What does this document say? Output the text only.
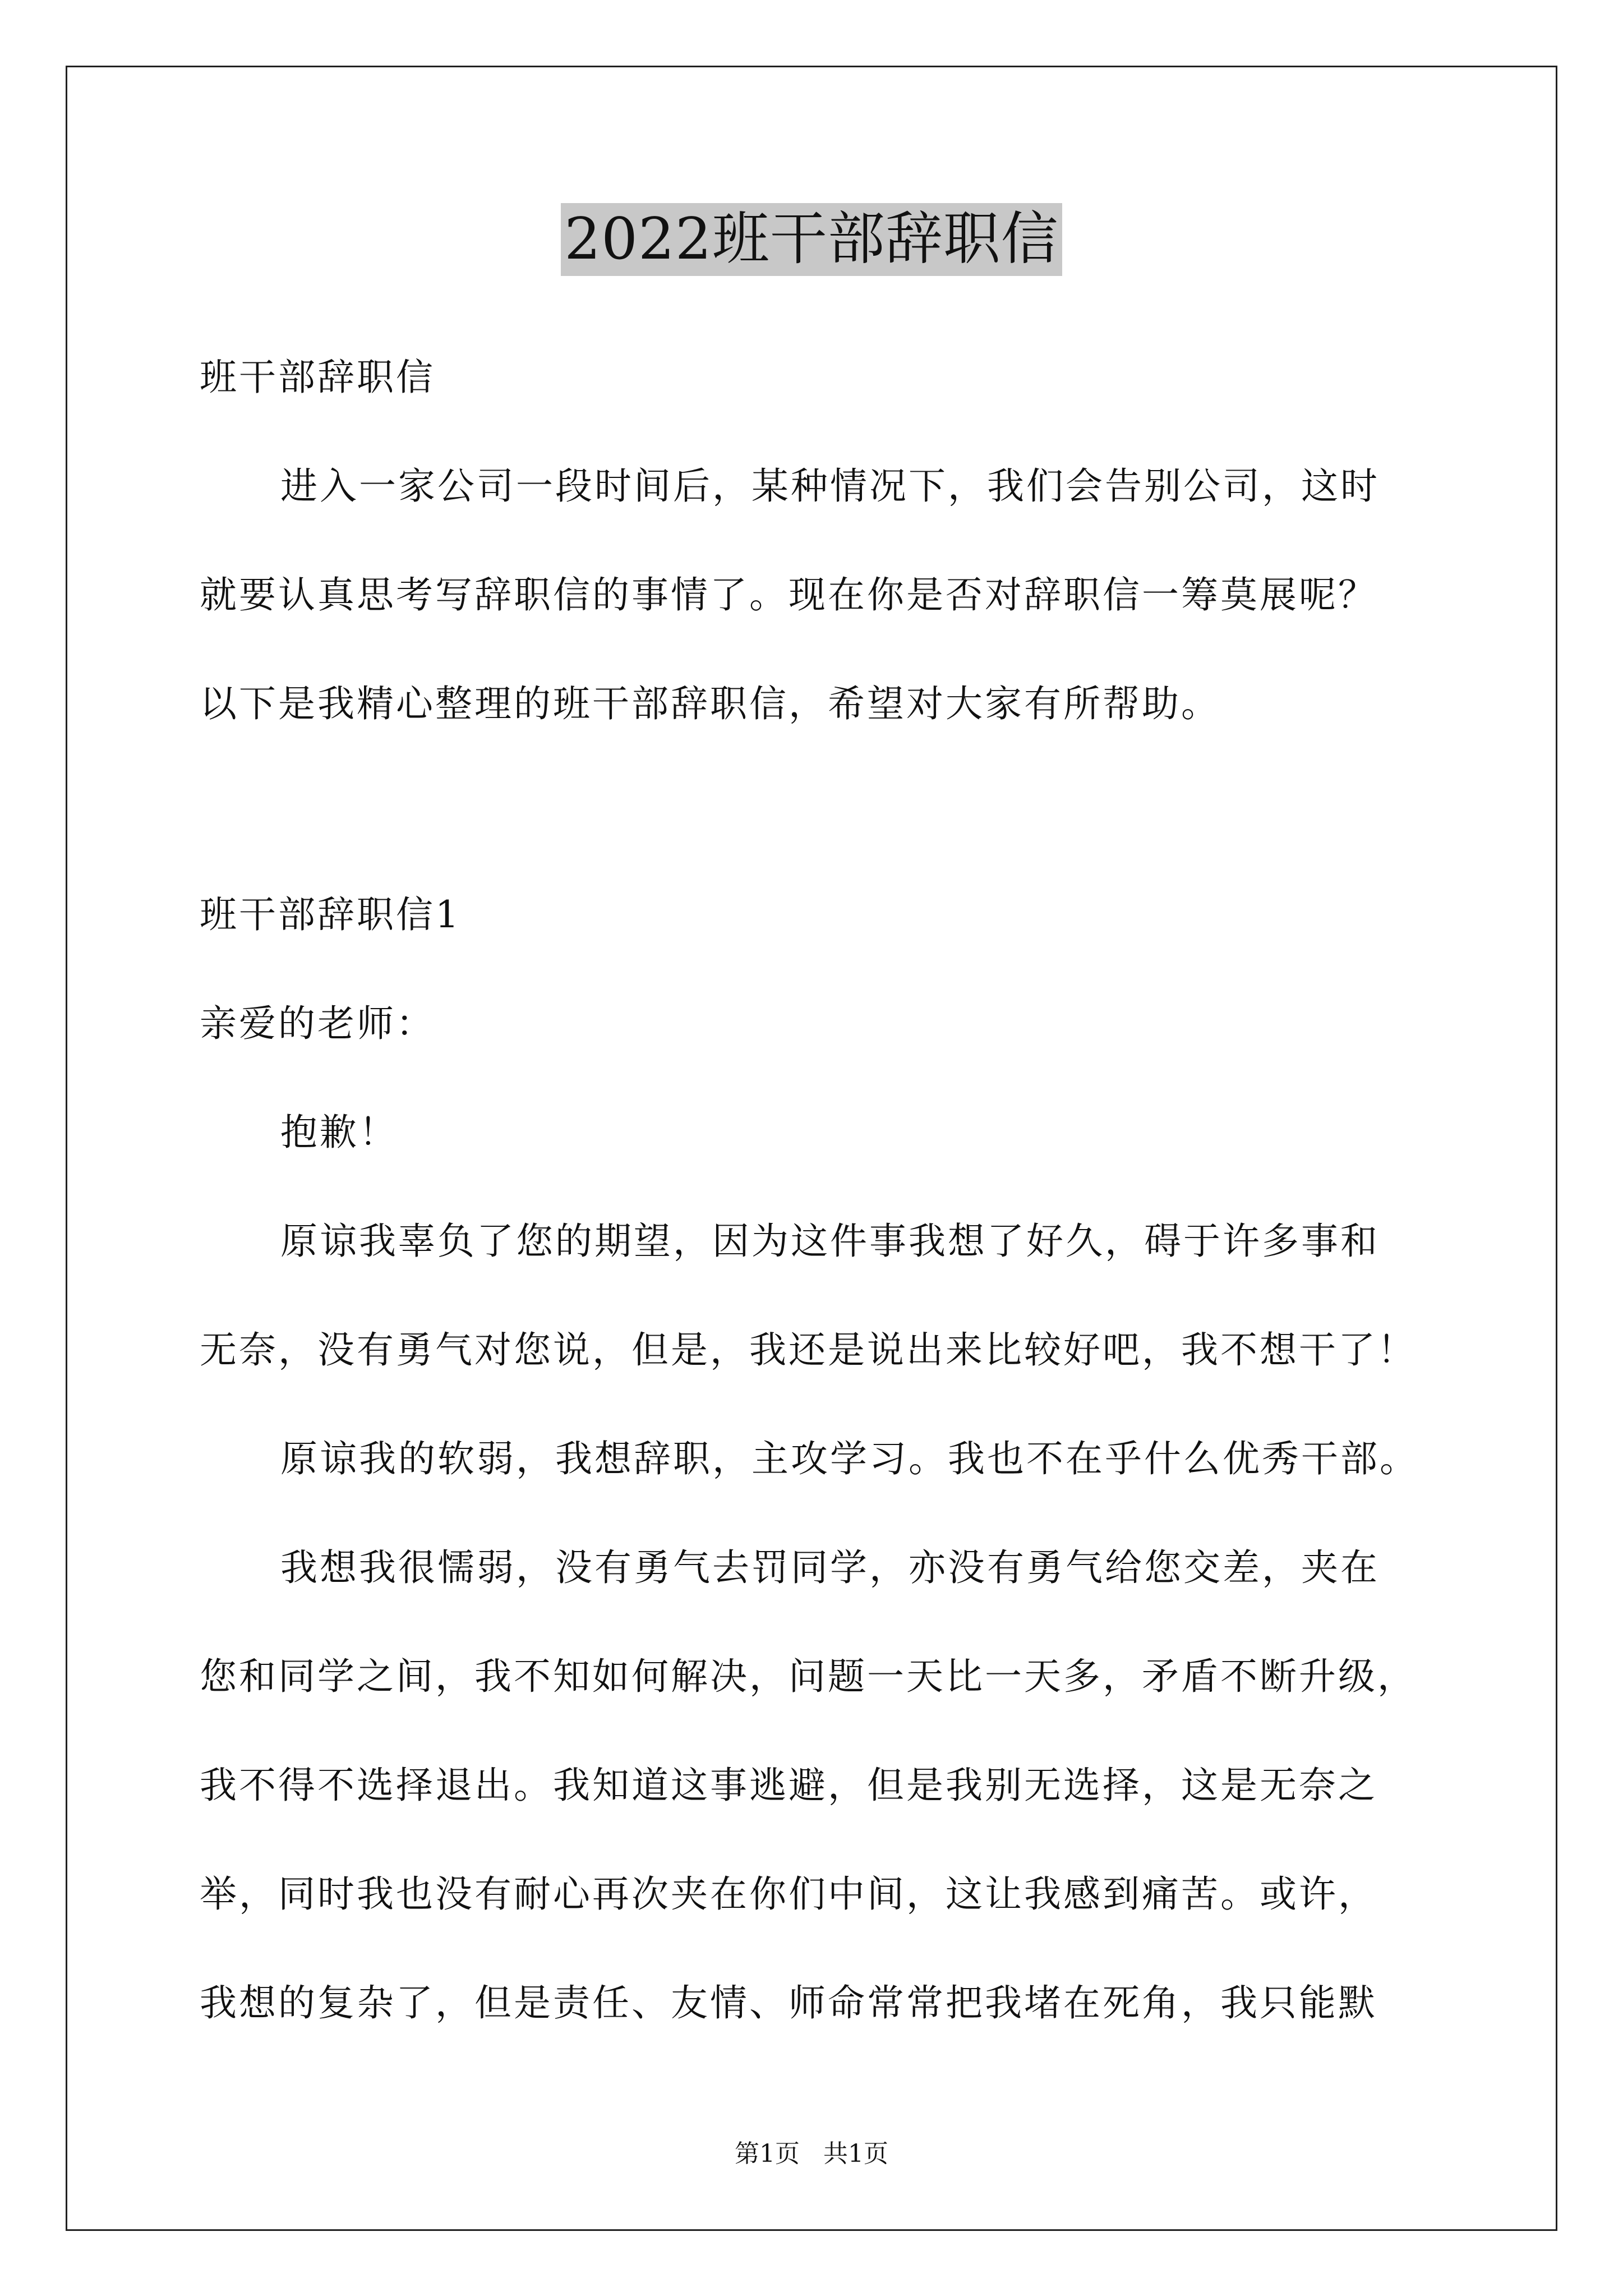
2022班干部辞职信
班干部辞职信
进入一家公司一段时间后，某种情况下，我们会告别公司，这时
就要认真思考写辞职信的事情了。现在你是否对辞职信一筹莫展呢？
以下是我精心整理的班干部辞职信，希望对大家有所帮助。
班干部辞职信1
亲爱的老师：
抱歉！
原谅我辜负了您的期望，因为这件事我想了好久，碍于许多事和
无奈，没有勇气对您说，但是，我还是说出来比较好吧，我不想干了！
原谅我的软弱，我想辞职，主攻学习。我也不在乎什么优秀干部。
我想我很懦弱，没有勇气去罚同学，亦没有勇气给您交差，夹在
您和同学之间，我不知如何解决，问题一天比一天多，矛盾不断升级，
我不得不选择退出。我知道这事逃避，但是我别无选择，这是无奈之
举，同时我也没有耐心再次夹在你们中间，这让我感到痛苦。或许，
我想的复杂了，但是责任、友情、师命常常把我堵在死角，我只能默
第1页 共1页
